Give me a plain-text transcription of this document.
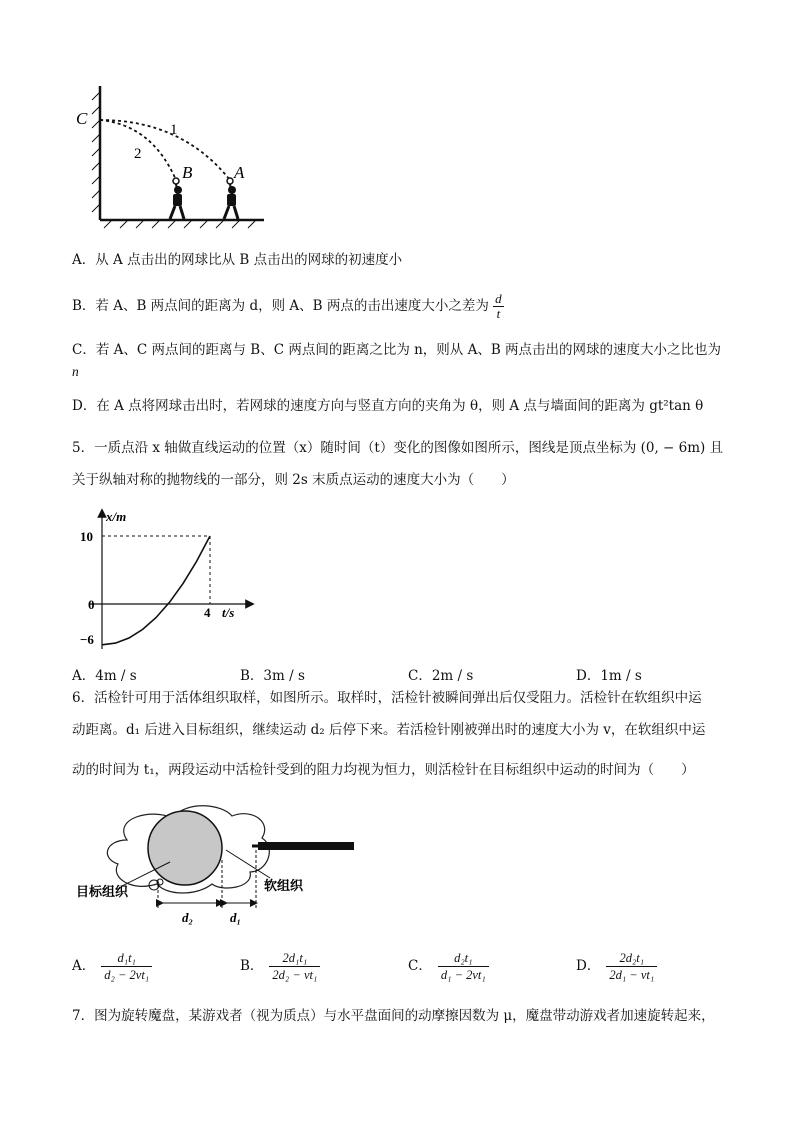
C
1
2
B A
A．从 A 点击出的网球比从 B 点击出的网球的初速度小
B．若 A、B 两点间的距离为 d，则 A、B 两点的击出速度大小之差为 $\frac{d}{t}$
C．若 A、C 两点间的距离与 B、C 两点间的距离之比为 n，则从 A、B 两点击出的网球的速度大小之比也为
n
D．在 A 点将网球击出时，若网球的速度方向与竖直方向的夹角为 θ，则 A 点与墙面间的距离为 gt²tan θ
5．一质点沿 x 轴做直线运动的位置（x）随时间（t）变化的图像如图所示，图线是顶点坐标为 (0, − 6m) 且
关于纵轴对称的抛物线的一部分，则 2s 末质点运动的速度大小为（　　）
x/m
t/s
10
0
−6
4
A．4m / s	B．3m / s	C．2m / s	D．1m / s
6．活检针可用于活体组织取样，如图所示。取样时，活检针被瞬间弹出后仅受阻力。活检针在软组织中运
动距离。d₁ 后进入目标组织，继续运动 d₂ 后停下来。若活检针刚被弹出时的速度大小为 v，在软组织中运
动的时间为 t₁，两段运动中活检针受到的阻力均视为恒力，则活检针在目标组织中运动的时间为（　　）
目标组织	软组织
d₂	d₁
A． $\frac{\text{d₁t₁}}{\text{d₂ − 2vt₁}}$	B． $\frac{\text{2d₁t₁}}{\text{2d₂ − vt₁}}$	C． $\frac{\text{d₂t₁}}{\text{d₁ − 2vt₁}}$	D． $\frac{\text{2d₂t₁}}{\text{2d₁ − vt₁}}$
7．图为旋转魔盘，某游戏者（视为质点）与水平盘面间的动摩擦因数为 μ，魔盘带动游戏者加速旋转起来，
